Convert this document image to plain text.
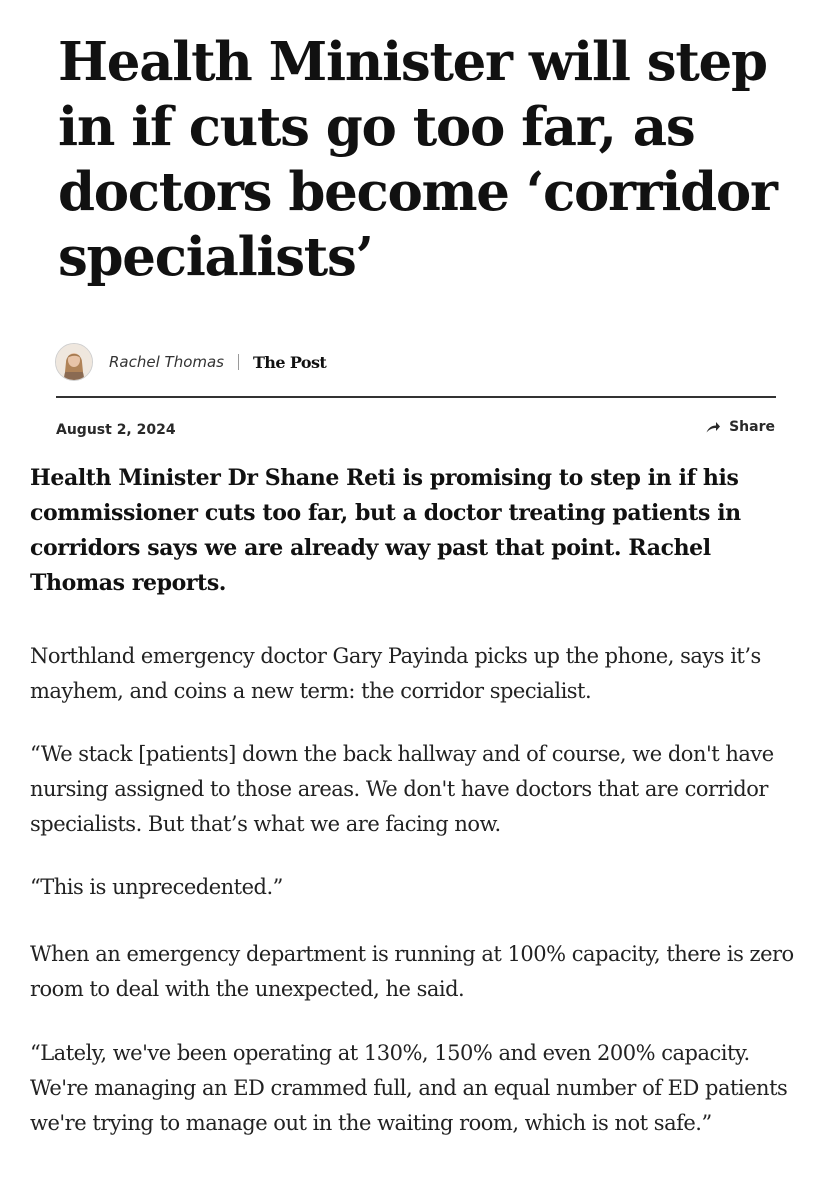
Health Minister will step in if cuts go too far, as doctors become ‘corridor specialists’
Rachel Thomas The Post
August 2, 2024	Share

Health Minister Dr Shane Reti is promising to step in if his commissioner cuts too far, but a doctor treating patients in corridors says we are already way past that point. Rachel Thomas reports.

Northland emergency doctor Gary Payinda picks up the phone, says it’s mayhem, and coins a new term: the corridor specialist.

“We stack [patients] down the back hallway and of course, we don't have nursing assigned to those areas. We don't have doctors that are corridor specialists. But that’s what we are facing now.

“This is unprecedented.”

When an emergency department is running at 100% capacity, there is zero room to deal with the unexpected, he said.

“Lately, we've been operating at 130%, 150% and even 200% capacity. We're managing an ED crammed full, and an equal number of ED patients we're trying to manage out in the waiting room, which is not safe.”
